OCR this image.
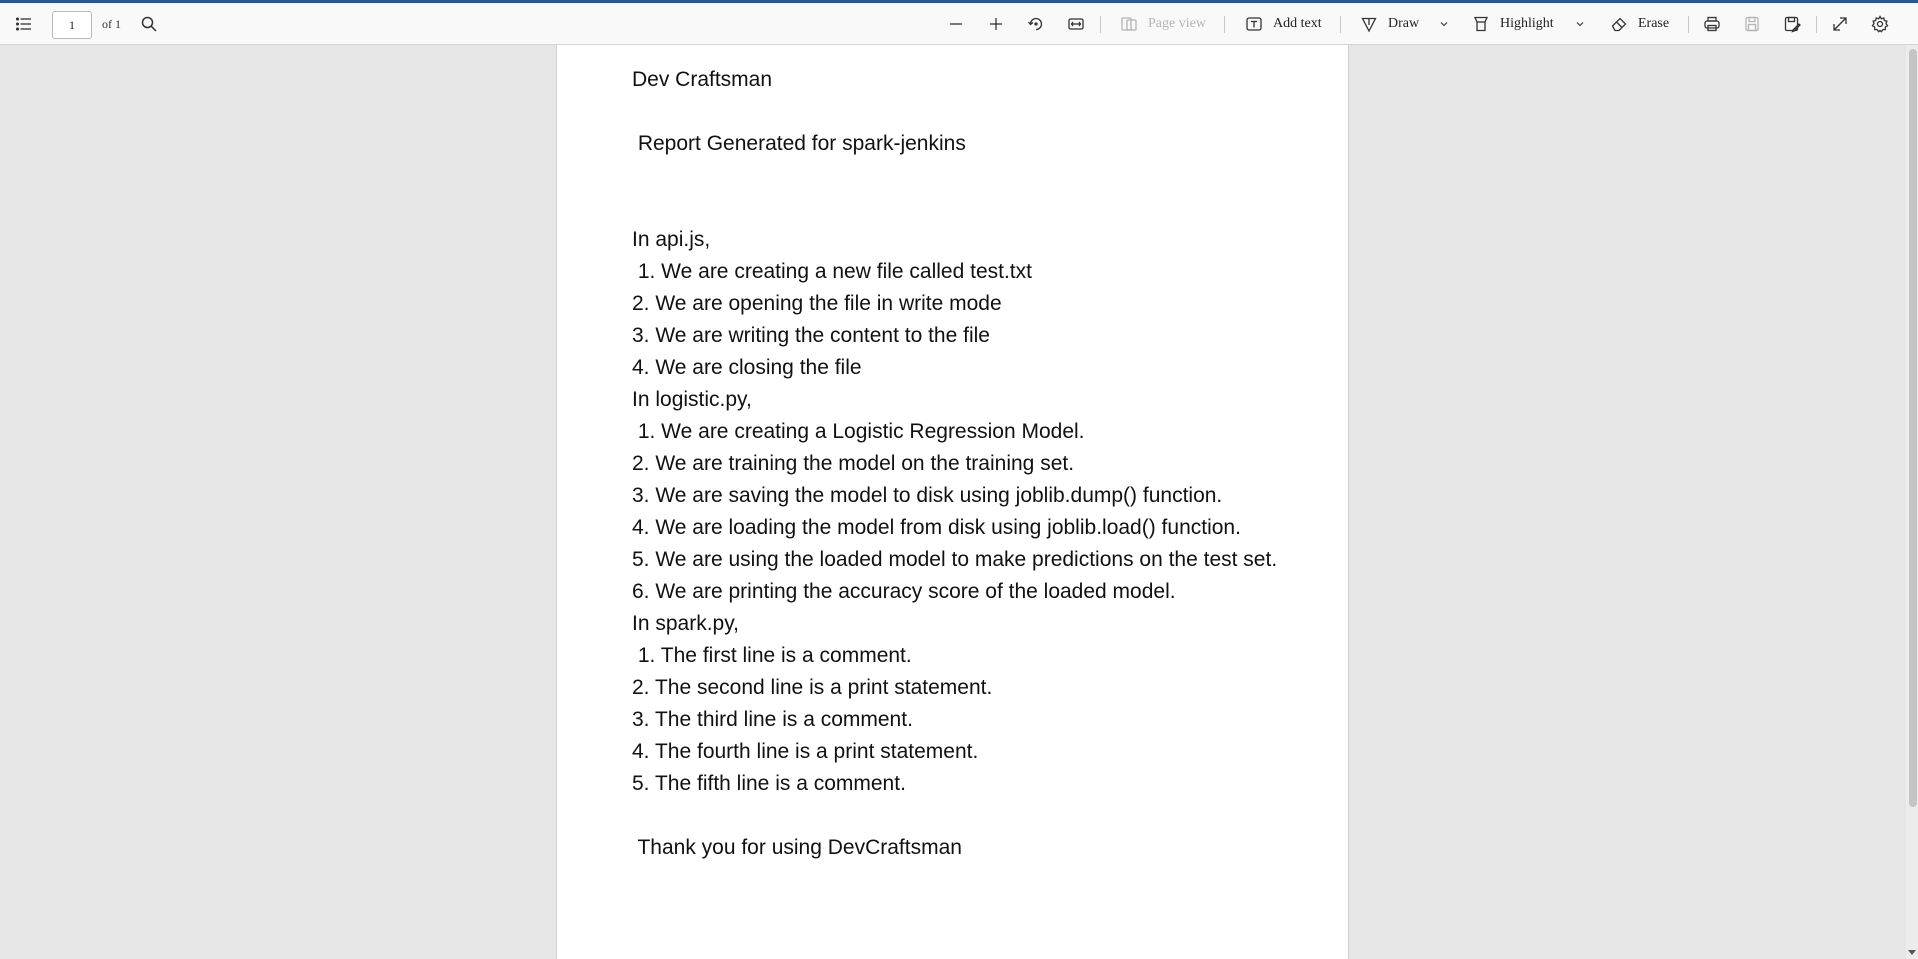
1
of 1	Page view	Add text	Draw	Highlight	Erase
Dev Craftsman
Report Generated for spark-jenkins
In api.js,
1. We are creating a new file called test.txt
2. We are opening the file in write mode
3. We are writing the content to the file
4. We are closing the file
In logistic.py,
1. We are creating a Logistic Regression Model.
2. We are training the model on the training set.
3. We are saving the model to disk using joblib.dump() function.
4. We are loading the model from disk using joblib.load() function.
5. We are using the loaded model to make predictions on the test set.
6. We are printing the accuracy score of the loaded model.
In spark.py,
1. The first line is a comment.
2. The second line is a print statement.
3. The third line is a comment.
4. The fourth line is a print statement.
5. The fifth line is a comment.
Thank you for using DevCraftsman
